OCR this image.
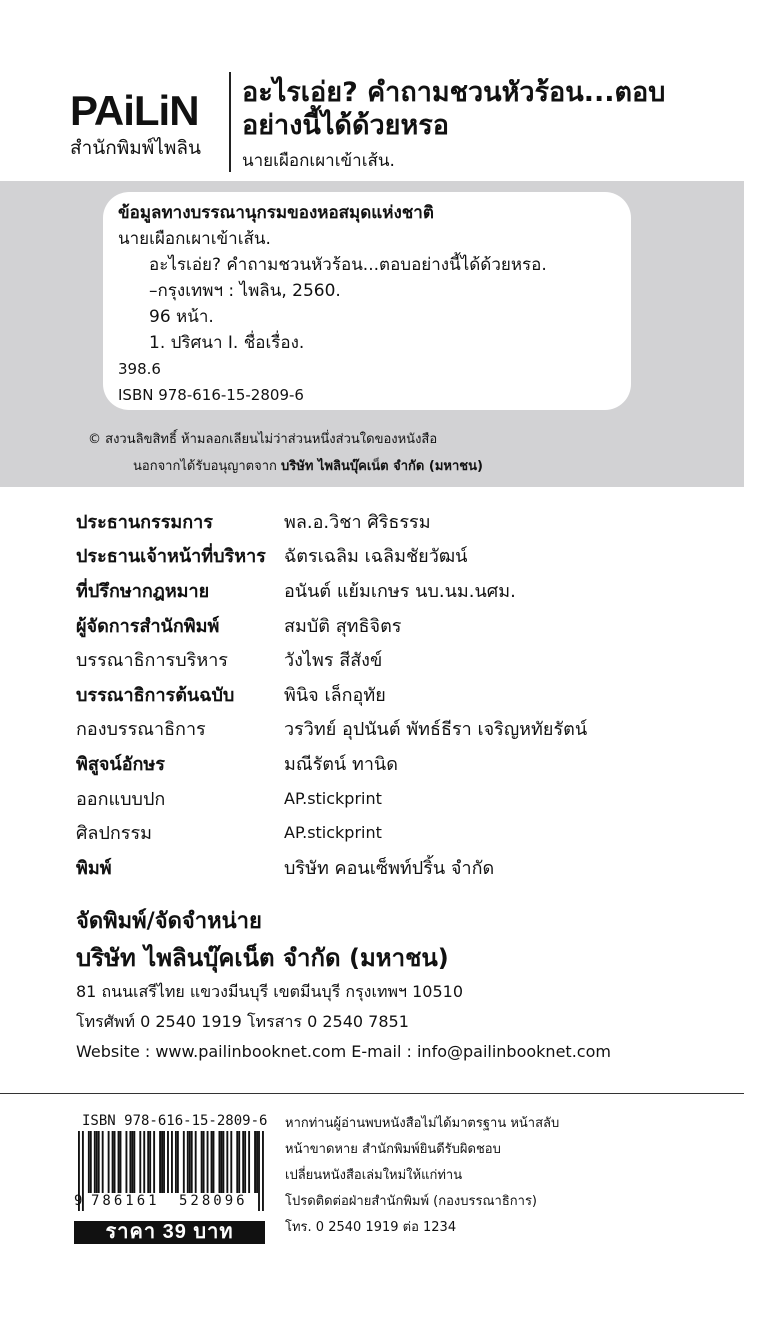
PAiLiN
สำนักพิมพ์ไพลิน
อะไรเอ่ย? คำถามชวนหัวร้อน...ตอบอย่างนี้ได้ด้วยหรอ
นายเผือกเผาเข้าเส้น.
ข้อมูลทางบรรณานุกรมของหอสมุดแห่งชาติ
นายเผือกเผาเข้าเส้น.
อะไรเอ่ย? คำถามชวนหัวร้อน...ตอบอย่างนี้ได้ด้วยหรอ.
–กรุงเทพฯ : ไพลิน, 2560.
96 หน้า.
1. ปริศนา I. ชื่อเรื่อง.
398.6
ISBN 978-616-15-2809-6
© สงวนลิขสิทธิ์ ห้ามลอกเลียนไม่ว่าส่วนหนึ่งส่วนใดของหนังสือ
นอกจากได้รับอนุญาตจาก บริษัท ไพลินบุ๊คเน็ต จำกัด (มหาชน)
ประธานกรรมการ	พล.อ.วิชา ศิริธรรม
ประธานเจ้าหน้าที่บริหาร	ฉัตรเฉลิม เฉลิมชัยวัฒน์
ที่ปรึกษากฎหมาย	อนันต์ แย้มเกษร นบ.นม.นศม.
ผู้จัดการสำนักพิมพ์	สมบัติ สุทธิจิตร
บรรณาธิการบริหาร	วังไพร สีสังข์
บรรณาธิการต้นฉบับ	พินิจ เล็กอุทัย
กองบรรณาธิการ	วรวิทย์ อุปนันต์ พัทธ์ธีรา เจริญหทัยรัตน์
พิสูจน์อักษร	มณีรัตน์ ทานิด
ออกแบบปก	AP.stickprint
ศิลปกรรม	AP.stickprint
พิมพ์	บริษัท คอนเซ็พท์ปริ้น จำกัด
จัดพิมพ์/จัดจำหน่าย
บริษัท ไพลินบุ๊คเน็ต จำกัด (มหาชน)
81 ถนนเสรีไทย แขวงมีนบุรี เขตมีนบุรี กรุงเทพฯ 10510
โทรศัพท์ 0 2540 1919 โทรสาร 0 2540 7851
Website : www.pailinbooknet.com E-mail : info@pailinbooknet.com
ISBN 978-616-15-2809-6
9 786161 528096
ราคา 39 บาท
หากท่านผู้อ่านพบหนังสือไม่ได้มาตรฐาน หน้าสลับ
หน้าขาดหาย สำนักพิมพ์ยินดีรับผิดชอบ
เปลี่ยนหนังสือเล่มใหม่ให้แก่ท่าน
โปรดติดต่อฝ่ายสำนักพิมพ์ (กองบรรณาธิการ)
โทร. 0 2540 1919 ต่อ 1234
